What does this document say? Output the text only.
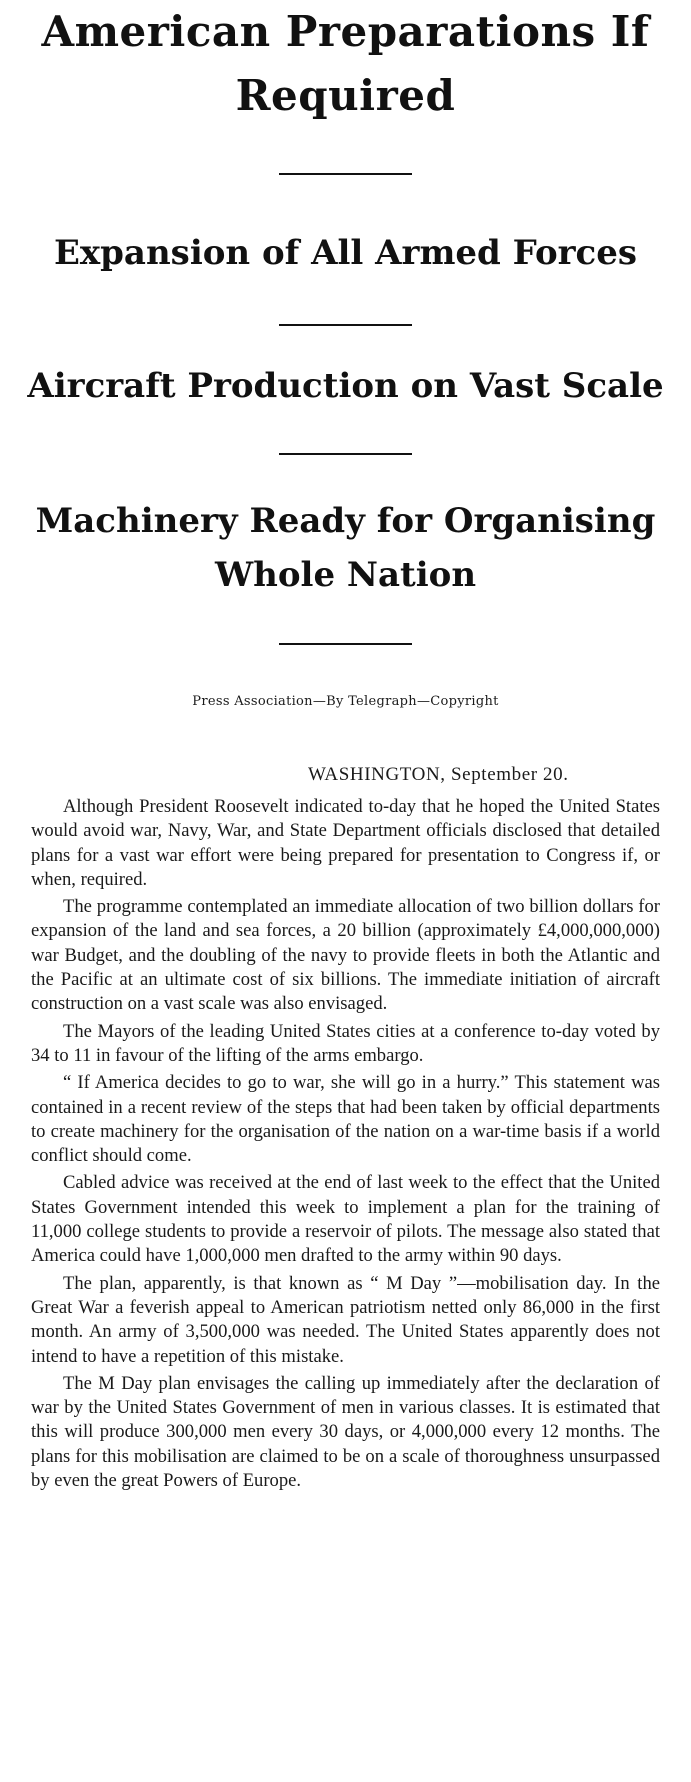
American Preparations If Required
Expansion of All Armed Forces
Aircraft Production on Vast Scale
Machinery Ready for Organising Whole Nation
Press Association—By Telegraph—Copyright
WASHINGTON, September 20.

Although President Roosevelt indicated to-day that he hoped the United States would avoid war, Navy, War, and State Department officials disclosed that detailed plans for a vast war effort were being prepared for presentation to Congress if, or when, required.

The programme contemplated an immediate allocation of two billion dollars for expansion of the land and sea forces, a 20 billion (approximately £4,000,000,000) war Budget, and the doubling of the navy to provide fleets in both the Atlantic and the Pacific at an ultimate cost of six billions. The immediate initiation of aircraft construction on a vast scale was also envisaged.

The Mayors of the leading United States cities at a conference to-day voted by 34 to 11 in favour of the lifting of the arms embargo.

“ If America decides to go to war, she will go in a hurry.” This statement was contained in a recent review of the steps that had been taken by official departments to create machinery for the organisation of the nation on a war-time basis if a world conflict should come.

Cabled advice was received at the end of last week to the effect that the United States Government intended this week to implement a plan for the training of 11,000 college students to provide a reservoir of pilots. The message also stated that America could have 1,000,000 men drafted to the army within 90 days.

The plan, apparently, is that known as “ M Day ”—mobilisation day. In the Great War a feverish appeal to American patriotism netted only 86,000 in the first month. An army of 3,500,000 was needed. The United States apparently does not intend to have a repetition of this mistake.

The M Day plan envisages the calling up immediately after the declaration of war by the United States Government of men in various classes. It is estimated that this will produce 300,000 men every 30 days, or 4,000,000 every 12 months. The plans for this mobilisation are claimed to be on a scale of thoroughness unsurpassed by even the great Powers of Europe.
